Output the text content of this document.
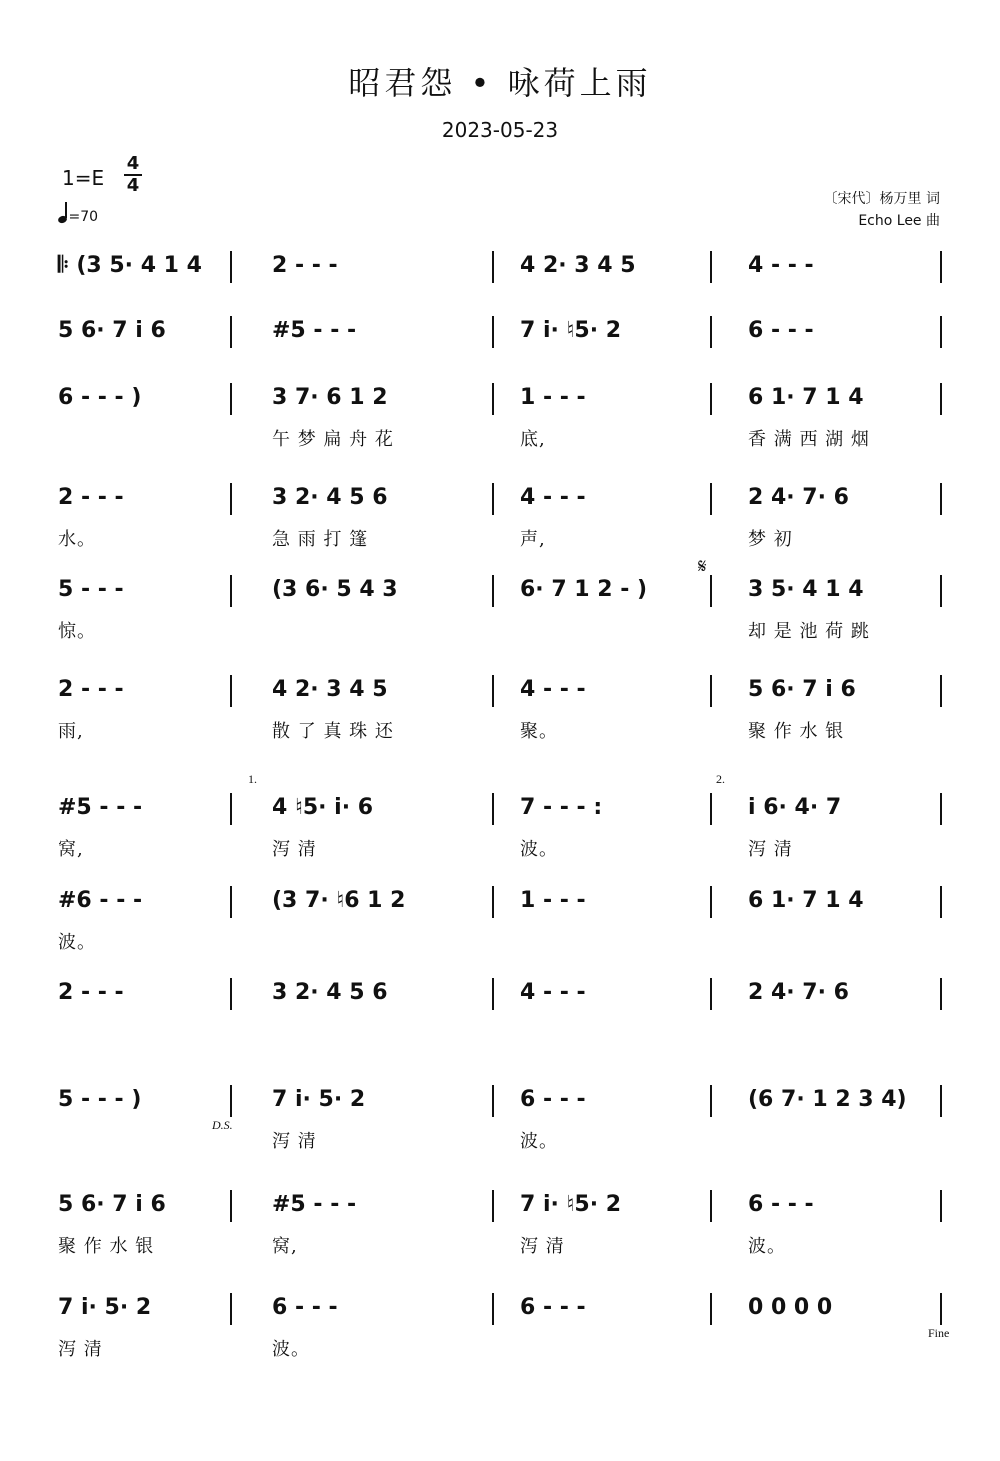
昭君怨 • 咏荷上雨
2023-05-23
1=E
4
4
=70
〔宋代〕杨万里 词
Echo Lee 曲
𝄆 (3 5· 4 1 4	2 - - -	4 2· 3 4 5	4 - - -
5 6· 7 i 6	#5 - - -	7 i· ♮5· 2	6 - - -
6 - - - )	3 7· 6 1 2	1 - - -	6 1· 7 1 4
午 梦 扁 舟 花	底,	香 满 西 湖 烟
2 - - -	3 2· 4 5 6	4 - - -	2 4· 7· 6
水。	急 雨 打 篷	声,	梦 初
5 - - -	(3 6· 5 4 3	6· 7 1 2 - )	3 5· 4 1 4
惊。	却 是 池 荷 跳
2 - - -	4 2· 3 4 5	4 - - -	5 6· 7 i 6
雨,	散 了 真 珠 还	聚。	聚 作 水 银
#5 - - -	4 ♮5· i· 6	7 - - - :	i 6· 4· 7
窝,	泻 清	波。	泻 清
#6 - - -	(3 7· ♮6 1 2	1 - - -	6 1· 7 1 4
波。
2 - - -	3 2· 4 5 6	4 - - -	2 4· 7· 6
5 - - - )	7 i· 5· 2	6 - - -	(6 7· 1 2 3 4)
泻 清	波。
5 6· 7 i 6	#5 - - -	7 i· ♮5· 2	6 - - -
聚 作 水 银	窝,	泻 清	波。
7 i· 5· 2	6 - - -	6 - - -	0 0 0 0
泻 清	波。
1.	2.
D.S.
Fine
𝄋
